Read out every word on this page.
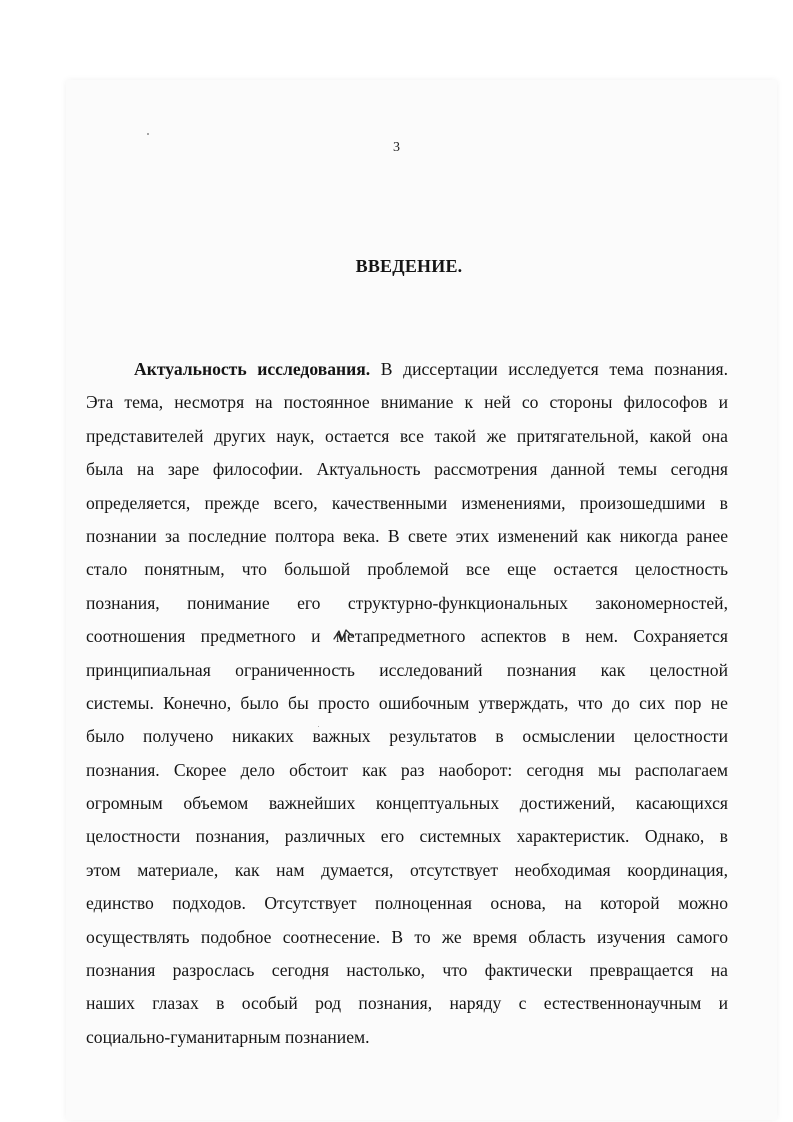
3
ВВЕДЕНИЕ.
Актуальность исследования. В диссертации исследуется тема познания.
Эта тема, несмотря на постоянное внимание к ней со стороны философов и
представителей других наук, остается все такой же притягательной, какой она
была на заре философии. Актуальность рассмотрения данной темы сегодня
определяется, прежде всего, качественными изменениями, произошедшими в
познании за последние полтора века. В свете этих изменений как никогда ранее
стало понятным, что большой проблемой все еще остается целостность
познания, понимание его структурно-функциональных закономерностей,
соотношения предметного и метапредметного аспектов в нем. Сохраняется
принципиальная ограниченность исследований познания как целостной
системы. Конечно, было бы просто ошибочным утверждать, что до сих пор не
было получено никаких важных результатов в осмыслении целостности
познания. Скорее дело обстоит как раз наоборот: сегодня мы располагаем
огромным объемом важнейших концептуальных достижений, касающихся
целостности познания, различных его системных характеристик. Однако, в
этом материале, как нам думается, отсутствует необходимая координация,
единство подходов. Отсутствует полноценная основа, на которой можно
осуществлять подобное соотнесение. В то же время область изучения самого
познания разрослась сегодня настолько, что фактически превращается на
наших глазах в особый род познания, наряду с естественнонаучным и
социально-гуманитарным познанием.
